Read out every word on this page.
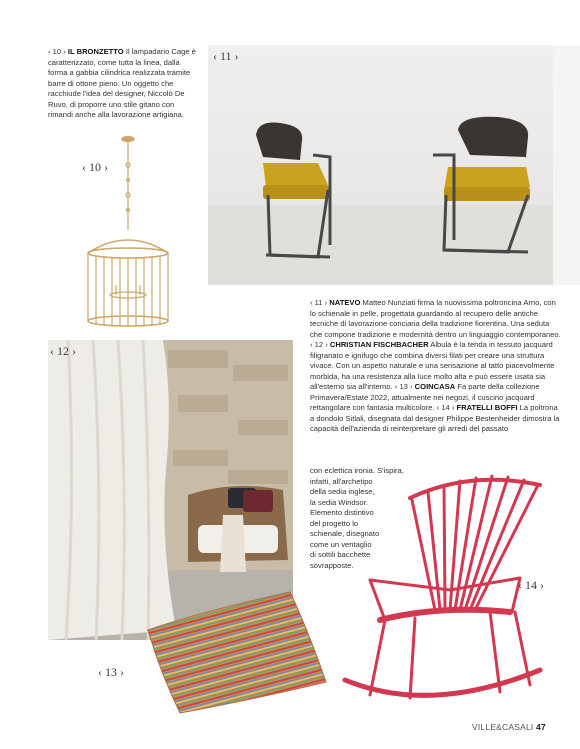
‹ 10 › IL BRONZETTO Il lampadario Cage è caratterizzato, come tutta la linea, dalla forma a gabbia cilindrica realizzata tramite barre di ottone pieno. Un oggetto che racchiude l'idea del designer, Niccolò De Ruvo, di proporre uno stile gitano con rimandi anche alla lavorazione artigiana.
‹ 10 ›
‹ 11 ›
‹ 12 ›
‹ 13 ›
‹ 14 ›
‹ 11 › NATEVO Matteo Nunziati firma la nuovissima poltroncina Arno, con lo schienale in pelle, progettata guardando al recupero delle antiche tecniche di lavorazione conciaria della tradizione fiorentina. Una seduta che compone tradizione e modernità dentro un linguaggio contemporaneo. ‹ 12 › CHRISTIAN FISCHBACHER Albula è la tenda in tessuto jacquard filigranato e ignifugo che combina diversi filati per creare una struttura vivace. Con un aspetto naturale e una sensazione al tatto piacevolmente morbida, ha una resistenza alla luce molto alta e può essere usata sia all'esterno sia all'interno. ‹ 13 › COINCASA Fa parte della collezione Primavera/Estate 2022, attualmente nei negozi, il cuscino jacquard rettangolare con fantasia multicolore. ‹ 14 › FRATELLI BOFFI La poltrona a dondolo Sitlali, disegnata dal designer Philippe Bestenheider dimostra la capacità dell'azienda di reinterpretare gli arredi del passato
con eclettica ironia. S'ispira,
infatti, all'archetipo
della sedia inglese,
la sedia Windsor.
Elemento distintivo
del progetto lo
schienale, disegnato
come un ventaglio
di sottili bacchette
sovrapposte.
VILLE&CASALI 47
